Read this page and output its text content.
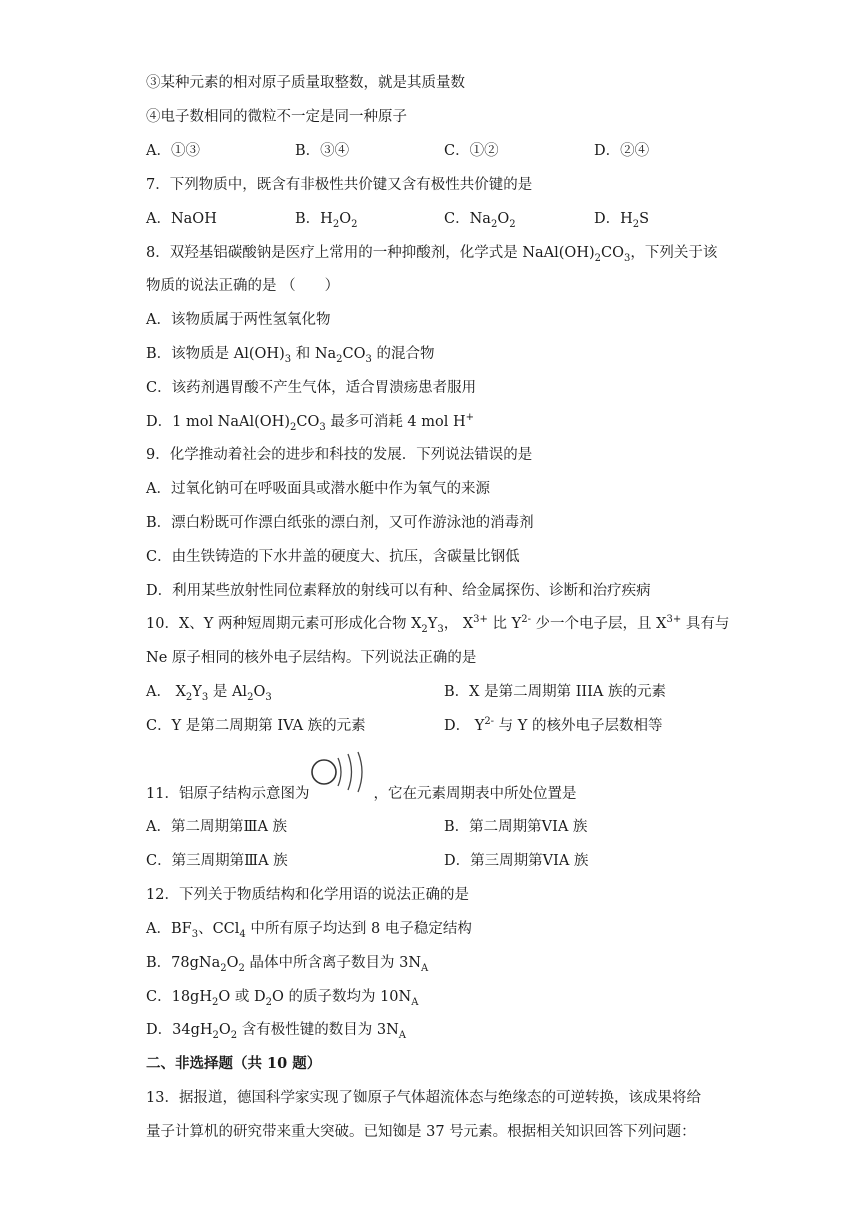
③某种元素的相对原子质量取整数，就是其质量数
④电子数相同的微粒不一定是同一种原子
A．①③	B．③④	C．①②	D．②④
7．下列物质中，既含有非极性共价键又含有极性共价键的是
A．NaOH	B．$H_2O_2$	C．$Na_2O_2$	D．$H_2S$
8．双羟基铝碳酸钠是医疗上常用的一种抑酸剂，化学式是 $NaAl(OH)_2CO_3$，下列关于该
物质的说法正确的是 （　　）
A．该物质属于两性氢氧化物
B．该物质是 $Al(OH)_3$ 和 $Na_2CO_3$ 的混合物
C．该药剂遇胃酸不产生气体，适合胃溃疡患者服用
D．1 mol $NaAl(OH)_2CO_3$ 最多可消耗 4 mol H+
9．化学推动着社会的进步和科技的发展．下列说法错误的是
A．过氧化钠可在呼吸面具或潜水艇中作为氧气的来源
B．漂白粉既可作漂白纸张的漂白剂，又可作游泳池的消毒剂
C．由生铁铸造的下水井盖的硬度大、抗压，含碳量比钢低
D．利用某些放射性同位素释放的射线可以有种、给金属探伤、诊断和治疗疾病
10．X、Y 两种短周期元素可形成化合物 $X_2Y_3$， $X^{3+}$ 比 $Y^{2-}$ 少一个电子层，且 $X^{3+}$ 具有与
Ne 原子相同的核外电子层结构。下列说法正确的是
A． $X_2Y_3$ 是 $Al_2O_3$	B．X 是第二周期第 IIIA 族的元素
C．Y 是第二周期第 IVA 族的元素	D． $Y^{2-}$ 与 Y 的核外电子层数相等
11．铝原子结构示意图为	，它在元素周期表中所处位置是
A．第二周期第ⅢA 族	B．第二周期第VIA 族
C．第三周期第ⅢA 族	D．第三周期第VIA 族
12．下列关于物质结构和化学用语的说法正确的是
A．$BF_3$、CCl$_4$ 中所有原子均达到 8 电子稳定结构
B．$78gNa_2O_2$ 晶体中所含离子数目为 $3N_A$
C．$18gH_2O$ 或 $D_2O$ 的质子数均为 $10N_A$
D．$34gH_2O_2$ 含有极性键的数目为 $3N_A$
二、非选择题（共 10 题）
13．据报道，德国科学家实现了铷原子气体超流体态与绝缘态的可逆转换，该成果将给
量子计算机的研究带来重大突破。已知铷是 37 号元素。根据相关知识回答下列问题：
